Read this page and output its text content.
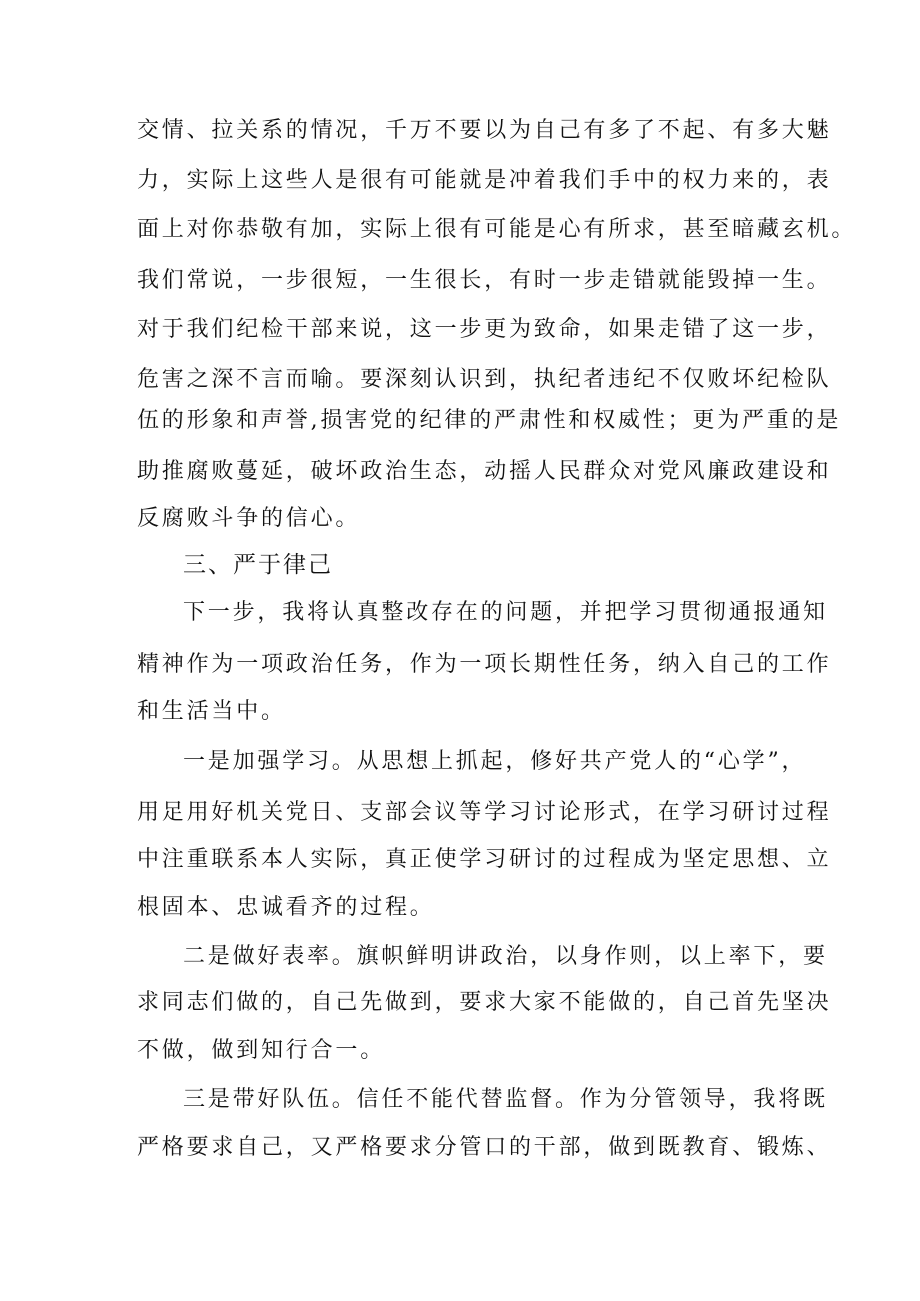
交情、拉关系的情况，千万不要以为自己有多了不起、有多大魅
力，实际上这些人是很有可能就是冲着我们手中的权力来的，表
面上对你恭敬有加，实际上很有可能是心有所求，甚至暗藏玄机。
我们常说，一步很短，一生很长，有时一步走错就能毁掉一生。
对于我们纪检干部来说，这一步更为致命，如果走错了这一步，
危害之深不言而喻。要深刻认识到，执纪者违纪不仅败坏纪检队
伍的形象和声誉,损害党的纪律的严肃性和权威性；更为严重的是
助推腐败蔓延，破坏政治生态，动摇人民群众对党风廉政建设和
反腐败斗争的信心。
三、严于律己
下一步，我将认真整改存在的问题，并把学习贯彻通报通知
精神作为一项政治任务，作为一项长期性任务，纳入自己的工作
和生活当中。
一是加强学习。从思想上抓起，修好共产党人的“心学”，
用足用好机关党日、支部会议等学习讨论形式，在学习研讨过程
中注重联系本人实际，真正使学习研讨的过程成为坚定思想、立
根固本、忠诚看齐的过程。
二是做好表率。旗帜鲜明讲政治，以身作则，以上率下，要
求同志们做的，自己先做到，要求大家不能做的，自己首先坚决
不做，做到知行合一。
三是带好队伍。信任不能代替监督。作为分管领导，我将既
严格要求自己，又严格要求分管口的干部，做到既教育、锻炼、
